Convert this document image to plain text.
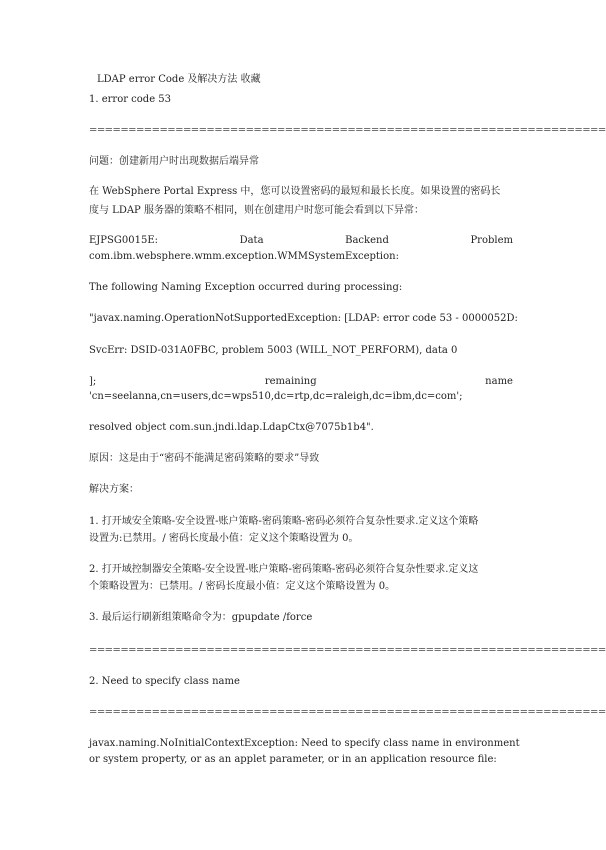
LDAP error Code 及解决方法 收藏
1. error code 53
==================================================================
问题：创建新用户时出现数据后端异常
在 WebSphere Portal Express 中，您可以设置密码的最短和最长长度。如果设置的密码长
度与 LDAP 服务器的策略不相同，则在创建用户时您可能会看到以下异常：
EJPSG0015E:	Data	Backend	Problem
com.ibm.websphere.wmm.exception.WMMSystemException:
The following Naming Exception occurred during processing:
"javax.naming.OperationNotSupportedException: [LDAP: error code 53 - 0000052D:
SvcErr: DSID-031A0FBC, problem 5003 (WILL_NOT_PERFORM), data 0
];	remaining	name
'cn=seelanna,cn=users,dc=wps510,dc=rtp,dc=raleigh,dc=ibm,dc=com';
resolved object com.sun.jndi.ldap.LdapCtx@7075b1b4".
原因：这是由于“密码不能满足密码策略的要求”导致
解决方案：
1. 打开域安全策略-安全设置-账户策略-密码策略-密码必须符合复杂性要求.定义这个策略
设置为:已禁用。/ 密码长度最小值：定义这个策略设置为 0。
2. 打开域控制器安全策略-安全设置-账户策略-密码策略-密码必须符合复杂性要求.定义这
个策略设置为：已禁用。/ 密码长度最小值：定义这个策略设置为 0。
3. 最后运行刷新组策略命令为：gpupdate /force
==================================================================
2. Need to specify class name
==================================================================
javax.naming.NoInitialContextException: Need to specify class name in environment
or system property, or as an applet parameter, or in an application resource file:
